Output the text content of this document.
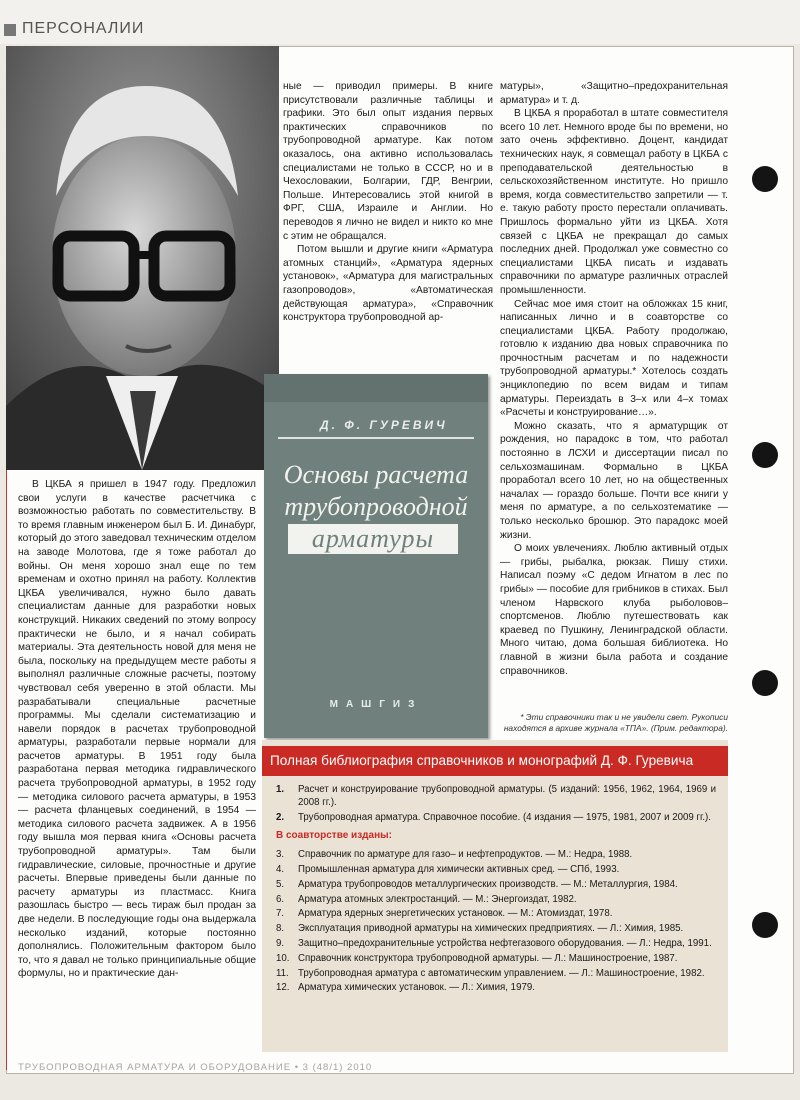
ПЕРСОНАЛИИ

В ЦКБА я пришел в 1947 году. Предложил свои услуги в качестве расчетчика с возможностью работать по совместительству. В то время главным инженером был Б. И. Динабург, который до этого заведовал техническим отделом на заводе Молотова, где я тоже работал до войны. Он меня хорошо знал еще по тем временам и охотно принял на работу. Коллектив ЦКБА увеличивался, нужно было давать специалистам данные для разработки новых конструкций. Никаких сведений по этому вопросу практически не было, и я начал собирать материалы. Эта деятельность новой для меня не была, поскольку на предыдущем месте работы я выполнял различные сложные расчеты, поэтому чувствовал себя уверенно в этой области. Мы разрабатывали специальные расчетные программы. Мы сделали систематизацию и навели порядок в расчетах трубопроводной арматуры, разработали первые нормали для расчетов арматуры. В 1951 году была разработана первая методика гидравлического расчета трубопроводной арматуры, в 1952 году — методика силового расчета арматуры, в 1953 — расчета фланцевых соединений, в 1954 — методика силового расчета задвижек. А в 1956 году вышла моя первая книга «Основы расчета трубопроводной арматуры». Там были гидравлические, силовые, прочностные и другие расчеты. Впервые приведены были данные по расчету арматуры из пластмасс. Книга разошлась быстро — весь тираж был продан за две недели. В последующие годы она выдержала несколько изданий, которые постоянно дополнялись. Положительным фактором было то, что я давал не только принципиальные общие формулы, но и практические дан-

ные — приводил примеры. В книге присутствовали различные таблицы и графики. Это был опыт издания первых практических справочников по трубопроводной арматуре. Как потом оказалось, она активно использовалась специалистами не только в СССР, но и в Чехословакии, Болгарии, ГДР, Венгрии, Польше. Интересовались этой книгой в ФРГ, США, Израиле и Англии. Но переводов я лично не видел и никто ко мне с этим не обращался.

Потом вышли и другие книги «Арматура атомных станций», «Арматура ядерных установок», «Арматура для магистральных газопроводов», «Автоматическая действующая арматура», «Справочник конструктора трубопроводной ар-

матуры», «Защитно–предохранительная арматура» и т. д.

В ЦКБА я проработал в штате совместителя всего 10 лет. Немного вроде бы по времени, но зато очень эффективно. Доцент, кандидат технических наук, я совмещал работу в ЦКБА с преподавательской деятельностью в сельскохозяйственном институте. Но пришло время, когда совместительство запретили — т. е. такую работу просто перестали оплачивать. Пришлось формально уйти из ЦКБА. Хотя связей с ЦКБА не прекращал до самых последних дней. Продолжал уже совместно со специалистами ЦКБА писать и издавать справочники по арматуре различных отраслей промышленности.

Сейчас мое имя стоит на обложках 15 книг, написанных лично и в соавторстве со специалистами ЦКБА. Работу продолжаю, готовлю к изданию два новых справочника по прочностным расчетам и по надежности трубопроводной арматуры.* Хотелось создать энциклопедию по всем видам и типам арматуры. Переиздать в 3–х или 4–х томах «Расчеты и конструирование…».

Можно сказать, что я арматурщик от рождения, но парадокс в том, что работал постоянно в ЛСХИ и диссертации писал по сельхозмашинам. Формально в ЦКБА проработал всего 10 лет, но на общественных началах — гораздо больше. Почти все книги у меня по арматуре, а по сельхозтематике — только несколько брошюр. Это парадокс моей жизни.

О моих увлечениях. Люблю активный отдых — грибы, рыбалка, рюкзак. Пишу стихи. Написал поэму «С дедом Игнатом в лес по грибы» — пособие для грибников в стихах. Был членом Нарвского клуба рыболовов–спортсменов. Люблю путешествовать как краевед по Пушкину, Ленинградской области. Много читаю, дома большая библиотека. Но главной в жизни была работа и создание справочников.

Д. Ф. ГУРЕВИЧ
Основы расчета
трубопроводной
арматуры
МАШГИЗ
* Эти справочники так и не увидели свет. Рукописи находятся в архиве журнала «ТПА». (Прим. редактора).
Полная библиография справочников и монографий Д. Ф. Гуревича
1.	Расчет и конструирование трубопроводной арматуры. (5 изданий: 1956, 1962, 1964, 1969 и 2008 гг.).
2.	Трубопроводная арматура. Справочное пособие. (4 издания — 1975, 1981, 2007 и 2009 гг.).
В соавторстве изданы:
3.	Справочник по арматуре для газо– и нефтепродуктов. — М.: Недра, 1988.
4.	Промышленная арматура для химически активных сред. — СПб, 1993.
5.	Арматура трубопроводов металлургических производств. — М.: Металлургия, 1984.
6.	Арматура атомных электростанций. — М.: Энергоиздат, 1982.
7.	Арматура ядерных энергетических установок. — М.: Атомиздат, 1978.
8.	Эксплуатация приводной арматуры на химических предприятиях. — Л.: Химия, 1985.
9.	Защитно–предохранительные устройства нефтегазового оборудования. — Л.: Недра, 1991.
10. Справочник конструктора трубопроводной арматуры. — Л.: Машиностроение, 1987.
11. Трубопроводная арматура с автоматическим управлением. — Л.: Машиностроение, 1982.
12. Арматура химических установок. — Л.: Химия, 1979.
ТРУБОПРОВОДНАЯ АРМАТУРА И ОБОРУДОВАНИЕ • 3 (48/1) 2010
